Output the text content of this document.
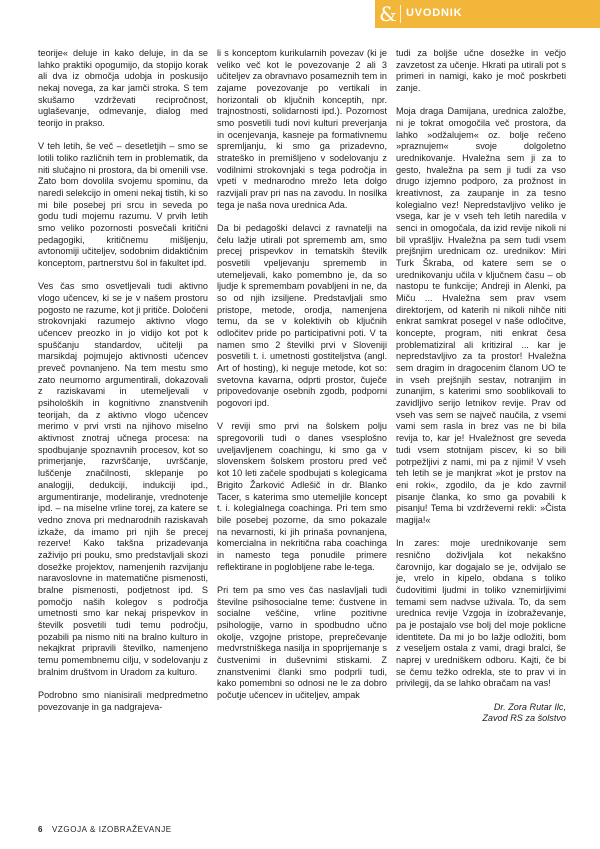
& UVODNIK

teorije« deluje in kako deluje, in da se lahko praktiki opogumijo, da stopijo korak ali dva iz območja udobja in poskusijo nekaj novega, za kar jamči stroka. S tem skušamo vzdrževati recipročnost, uglaševanje, odmevanje, dialog med teorijo in prakso.

V teh letih, še več – desetletjih – smo se lotili toliko različnih tem in problematik, da niti slučajno ni prostora, da bi omenili vse. Zato bom dovolila svojemu spominu, da naredi selekcijo in omeni nekaj tistih, ki so mi bile posebej pri srcu in seveda po godu tudi mojemu razumu. V prvih letih smo veliko pozornosti posvečali kritični pedagogiki, kritičnemu mišljenju, avtonomiji učiteljev, sodobnim didaktičnim konceptom, partnerstvu šol in fakultet ipd.

Ves čas smo osvetljevali tudi aktivno vlogo učencev, ki se je v našem prostoru pogosto ne razume, kot ji pritiče. Določeni strokovnjaki razumejo aktivno vlogo učencev preozko in jo vidijo kot pot k spuščanju standardov, učitelji pa marsikdaj pojmujejo aktivnosti učencev preveč povnanjeno. Na tem mestu smo zato neumorno argumentirali, dokazovali z raziskavami in utemeljevali v psiholoških in kognitivno znanstvenih teorijah, da z aktivno vlogo učencev merimo v prvi vrsti na njihovo miselno aktivnost znotraj učnega procesa: na spodbujanje spoznavnih procesov, kot so primerjanje, razvrščanje, uvrščanje, luščenje značilnosti, sklepanje po analogiji, dedukciji, indukciji ipd., argumentiranje, modeliranje, vrednotenje ipd. – na miselne vrline torej, za katere se vedno znova pri mednarodnih raziskavah izkaže, da imamo pri njih še precej rezerve! Kako takšna prizadevanja zaživijo pri pouku, smo predstavljali skozi dosežke projektov, namenjenih razvijanju naravoslovne in matematične pismenosti, bralne pismenosti, podjetnost ipd. S pomočjo naših kolegov s področja umetnosti smo kar nekaj prispevkov in številk posvetili tudi temu področju, pozabili pa nismo niti na bralno kulturo in nekajkrat pripravili številko, namenjeno temu pomembnemu cilju, v sodelovanju z bralnim društvom in Uradom za kulturo.

Podrobno smo nianisirali medpredmetno povezovanje in ga nadgrajeva-

li s konceptom kurikularnih povezav (ki je veliko več kot le povezovanje 2 ali 3 učiteljev za obravnavo posameznih tem in zajame povezovanje po vertikali in horizontali ob ključnih konceptih, npr. trajnostnosti, solidarnosti ipd.). Pozornost smo posvetili tudi novi kulturi preverjanja in ocenjevanja, kasneje pa formativnemu spremljanju, ki smo ga prizadevno, strateško in premišljeno v sodelovanju z vodilnimi strokovnjaki s tega področja in vpeti v mednarodno mrežo leta dolgo razvijali prav pri nas na zavodu. In nosilka tega je naša nova urednica Ada.

Da bi pedagoški delavci z ravnatelji na čelu lažje utirali pot sprememb am, smo precej prispevkov in tematskih številk posvetili vpeljevanju sprememb in utemeljevali, kako pomembno je, da so ljudje k spremembam povabljeni in ne, da so od njih izsiljene. Predstavljali smo pristope, metode, orodja, namenjena temu, da se v kolektivih ob ključnih odločitev pride po participativni poti. V ta namen smo 2 številki prvi v Sloveniji posvetili t. i. umetnosti gostiteljstva (angl. Art of hosting), ki neguje metode, kot so: svetovna kavarna, odprti prostor, čuječe pripovedovanje osebnih zgodb, podporni pogovori ipd.

V reviji smo prvi na šolskem polju spregovorili tudi o danes vsesplošno uveljavljenem coachingu, ki smo ga v slovenskem šolskem prostoru pred več kot 10 leti začele spodbujati s kolegicama Brigito Žarković Adlešič in dr. Blanko Tacer, s katerima smo utemeljile koncept t. i. kolegialnega coachinga. Pri tem smo bile posebej pozorne, da smo pokazale na nevarnosti, ki jih prinaša povnanjena, komercialna in nekritična raba coachinga in namesto tega ponudile primere reflektirane in poglobljene rabe le-tega.

Pri tem pa smo ves čas naslavljali tudi številne psihosocialne teme: čustvene in socialne veščine, vrline pozitivne psihologije, varno in spodbudno učno okolje, vzgojne pristope, preprečevanje medvrstniškega nasilja in spoprijemanje s čustvenimi in duševnimi stiskami. Z znanstvenimi članki smo podprli tudi, kako pomembni so odnosi ne le za dobro počutje učencev in učiteljev, ampak

tudi za boljše učne dosežke in večjo zavzetost za učenje. Hkrati pa utirali pot s primeri in namigi, kako je moč poskrbeti zanje.

Moja draga Damijana, urednica založbe, ni je tokrat omogočila več prostora, da lahko »odžalujem« oz. bolje rečeno »praznujem« svoje dolgoletno urednikovanje. Hvaležna sem ji za to gesto, hvaležna pa sem ji tudi za vso drugo izjemno podporo, za prožnost in kreativnost, za zaupanje in za tesno kolegialno vez! Nepredstavljivo veliko je vsega, kar je v vseh teh letih naredila v senci in omogočala, da izid revije nikoli ni bil vprašljiv. Hvaležna pa sem tudi vsem prejšnjim urednicam oz. urednikov: Miri Turk Škraba, od katere sem se o urednikovanju učila v ključnem času – ob nastopu te funkcije; Andreji in Alenki, pa Miču ... Hvaležna sem prav vsem direktorjem, od katerih ni nikoli nihče niti enkrat samkrat posegel v naše odločitve, koncepte, program, niti enkrat česa problematiziral ali kritiziral ... kar je nepredstavljivo za ta prostor! Hvaležna sem dragim in dragocenim članom UO te in vseh prejšnjih sestav, notranjim in zunanjim, s katerimi smo sooblikovali to zavidljivo serijo letnikov revije. Prav od vseh vas sem se največ naučila, z vsemi vami sem rasla in brez vas ne bi bila revija to, kar je! Hvaležnost gre seveda tudi vsem stotnijam piscev, ki so bili potrpežljivi z nami, mi pa z njimi! V vseh teh letih se je manjkrat »kot je prstov na eni roki«, zgodilo, da je kdo zavrnil pisanje članka, ko smo ga povabili k pisanju! Tema bi vzdrževerni rekli: »Čista magija!«

In zares: moje urednikovanje sem resnično doživljala kot nekakšno čarovnijo, kar dogajalo se je, odvijalo se je, vrelo in kipelo, obdana s toliko čudovitimi ljudmi in toliko vznemirljivimi temami sem nadvse uživala. To, da sem urednica revije Vzgoja in izobraževanje, pa je postajalo vse bolj del moje poklicne identitete. Da mi jo bo lažje odložiti, bom z veseljem ostala z vami, dragi bralci, še naprej v uredniškem odboru. Kajti, če bi se čemu težko odrekla, ste to prav vi in privilegij, da se lahko obračam na vas!

Dr. Zora Rutar Ilc,
Zavod RS za šolstvo
6 VZGOJA & IZOBRAŽEVANJE
